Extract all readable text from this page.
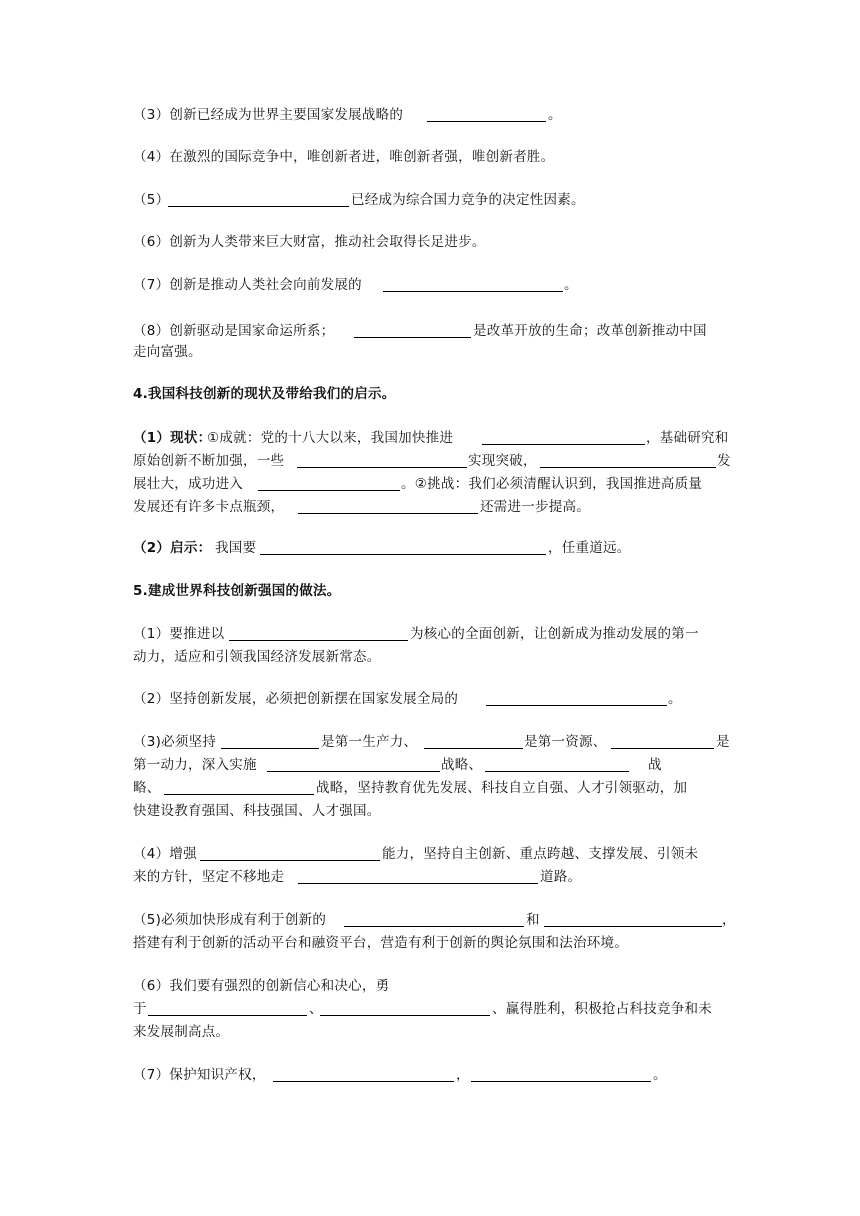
（3）创新已经成为世界主要国家发展战略的	。
（4）在激烈的国际竞争中，唯创新者进，唯创新者强，唯创新者胜。
（5）	已经成为综合国力竞争的决定性因素。
（6）创新为人类带来巨大财富，推动社会取得长足进步。
（7）创新是推动人类社会向前发展的	。
（8）创新驱动是国家命运所系；	是改革开放的生命；改革创新推动中国
走向富强。
4.我国科技创新的现状及带给我们的启示。
（1）现状：
①成就：党的十八大以来，我国加快推进	，基础研究和
原始创新不断加强，一些	实现突破，	发
展壮大，成功进入	。②挑战：我们必须清醒认识到，我国推进高质量
发展还有许多卡点瓶颈，	还需进一步提高。
（2）启示： 我国要	，任重道远。
5.建成世界科技创新强国的做法。
（1）要推进以	为核心的全面创新，让创新成为推动发展的第一
动力，适应和引领我国经济发展新常态。
（2）坚持创新发展，必须把创新摆在国家发展全局的	。
（3)必须坚持	是第一生产力、	是第一资源、	是
第一动力，深入实施	战略、	战
略、	战略，坚持教育优先发展、科技自立自强、人才引领驱动，加
快建设教育强国、科技强国、人才强国。
（4）增强	能力，坚持自主创新、重点跨越、支撑发展、引领未
来的方针，坚定不移地走	道路。
（5)必须加快形成有利于创新的	和	，
搭建有利于创新的活动平台和融资平台，营造有利于创新的舆论氛围和法治环境。
（6）我们要有强烈的创新信心和决心，勇
于	、	、赢得胜利，积极抢占科技竞争和未
来发展制高点。
（7）保护知识产权，	，	。
